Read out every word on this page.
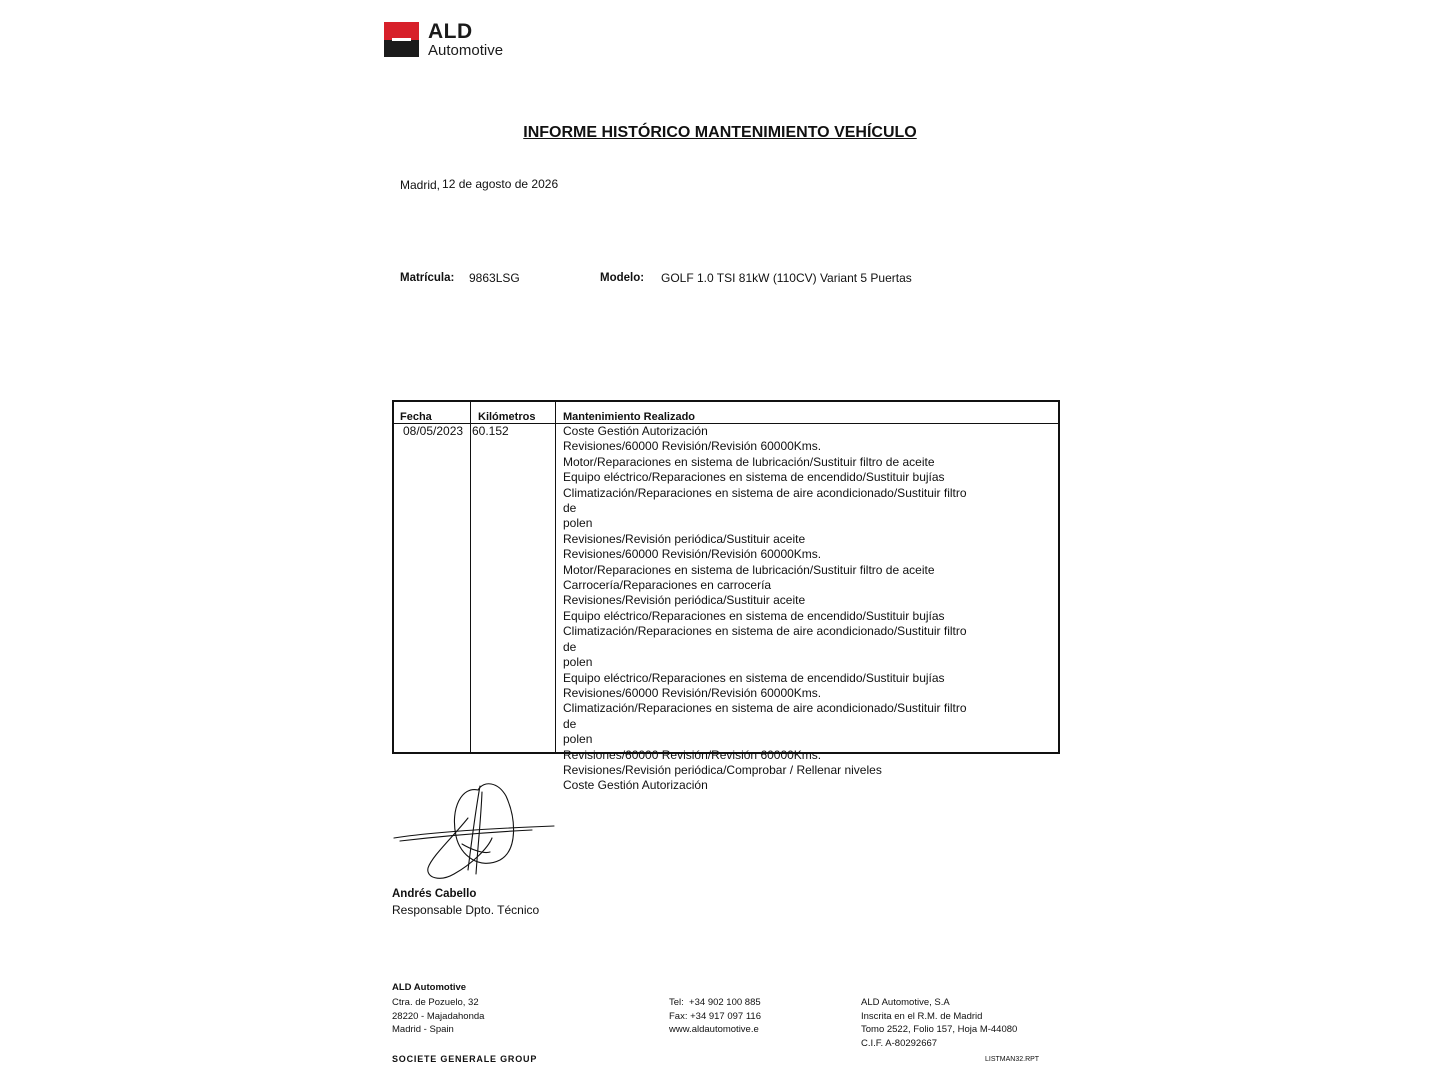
ALD
Automotive
INFORME HISTÓRICO MANTENIMIENTO VEHÍCULO
Madrid, 12 de agosto de 2026
Matrícula: 9863LSG	Modelo: GOLF 1.0 TSI 81kW (110CV) Variant 5 Puertas
Fecha	Kilómetros	Mantenimiento Realizado
08/05/2023 60.152	Coste Gestión Autorización
Revisiones/60000 Revisión/Revisión 60000Kms.
Motor/Reparaciones en sistema de lubricación/Sustituir filtro de aceite
Equipo eléctrico/Reparaciones en sistema de encendido/Sustituir bujías
Climatización/Reparaciones en sistema de aire acondicionado/Sustituir filtro de
polen
Revisiones/Revisión periódica/Sustituir aceite
Revisiones/60000 Revisión/Revisión 60000Kms.
Motor/Reparaciones en sistema de lubricación/Sustituir filtro de aceite
Carrocería/Reparaciones en carrocería
Revisiones/Revisión periódica/Sustituir aceite
Equipo eléctrico/Reparaciones en sistema de encendido/Sustituir bujías
Climatización/Reparaciones en sistema de aire acondicionado/Sustituir filtro de
polen
Equipo eléctrico/Reparaciones en sistema de encendido/Sustituir bujías
Revisiones/60000 Revisión/Revisión 60000Kms.
Climatización/Reparaciones en sistema de aire acondicionado/Sustituir filtro de
polen
Revisiones/60000 Revisión/Revisión 60000Kms.
Revisiones/Revisión periódica/Comprobar / Rellenar niveles
Coste Gestión Autorización
Andrés Cabello
Responsable Dpto. Técnico
ALD Automotive
Ctra. de Pozuelo, 32
28220 - Majadahonda
Madrid - Spain
Tel:  +34 902 100 885
Fax: +34 917 097 116
www.aldautomotive.e
ALD Automotive, S.A
Inscrita en el R.M. de Madrid
Tomo 2522, Folio 157, Hoja M-44080
C.I.F. A-80292667
SOCIETE GENERALE GROUP	LISTMAN32.RPT
